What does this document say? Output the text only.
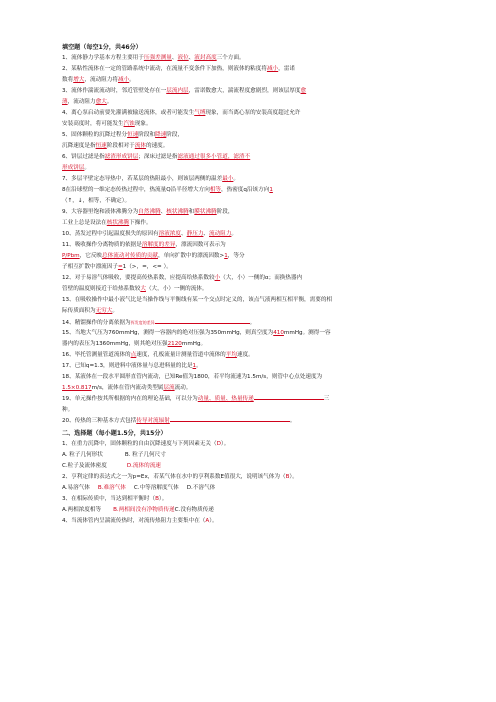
填空题（每空1分，共46分）
1、流体静力学基本方程主要用于压强差测量、液位、液封高度三个方面。
2、某粘性流体在一定的管路系统中流动，在流量不变条件下加热，则液体的粘度将减小，雷诺
数将增大，流动阻力将减小。
3、流体作湍流流动时，邻近管壁处存在一层流内层，雷诺数愈大，湍流程度愈剧烈，则该层厚度愈
薄，流动阻力愈大。
4、离心泵启动前要先灌满被输送流体，或者可能发生气缚现象，而当离心泵的安装高度超过允许
安装高度时，将可能发生汽蚀现象。
5、固体颗粒的沉降过程分恒速阶段和降速阶段，
沉降速度是指恒速阶段相对于流体的速度。
6、饼层过滤是指滤渣形成饼层；深床过滤是指滤液通过很多小管道，滤渣不
形成饼层。
7、多层平壁定态导热中，若某层的热阻最小，则该层两侧的温差最小。
8在沿球壁的一维定态传热过程中，热流量Q沿半径增大方向相等，热密度q沿该方向1
（↑，↓，相等，不确定）。
9、大容器里饱和液体沸腾分为自然沸腾、核状沸腾和膜状沸腾阶段，
工业上总是设法在核状沸腾下操作。
10、蒸发过程中引起温度损失的原因有溶液浓度、静压力、流动阻力。
11、吸收操作分离物质的依据是溶解度的差异，漂流因数可表示为
P/Pbm，它反映总体流动对传质的贡献，单向扩散中的漂流因数>1，等分
子相互扩散中漂流因子=1（>，=，<= ）。
12、对于易溶气体吸收，要提高传热系数，应提高给热系数较小（大，小）一侧的α；而换热器内
管壁的温度则接近于给热系数较大（大，小）一侧的流体。
13、在吸收操作中最小液气比是当操作线与平衡线有某一个交点时定义的，该点气液两相互相平衡，需要的相
际传质面积为无穷大。
14、精馏操作的分离依据为挥发度的差异	。
15、当地大气压为760mmHg，测得一容器内的绝对压强为350mmHg，则真空度为410mmHg。测得一容
器内的表压为1360mmHg，则其绝对压强2120mmHg。
16、毕托管测量管道流体的点速度，孔板流量计测量管道中流体的平均速度。
17、已知q=1.3，则进料中液体量与总进料量的比是1。
18、某液体在一段水平圆形直管内流动，已知Re值为1800，若平均流速为1.5m/s，则管中心点处速度为
1.5×0.817m/s，流体在管内流动类型属层流流动。
19、单元操作按其所根据的内在的理论基础，可以分为动量、质量、热量传递	三
种。
20、传热的三种基本方式包括传导对流辐射	。
二、选择题（每小题1.5分，共15分）
1、在重力沉降中，固体颗粒的自由沉降速度与下列因素无关（D）。
A. 粒子几何形状	B. 粒子几何尺寸
C.粒子及流体密度	D.流体的流速
2、亨利定律的表达式之一为p=Ex，若某气体在水中的亨利系数E值很大，说明该气体为（B）。
A.易溶气体 B.难溶气体 C.中等溶解度气体 D.不溶气体
3、在相际传质中，当达到相平衡时（B）。
A.两相浓度相等 B.两相间没有净物质传递C.没有物质传递
4、当流体管内呈湍流传热时，对流传热阻力主要集中在（A）。
